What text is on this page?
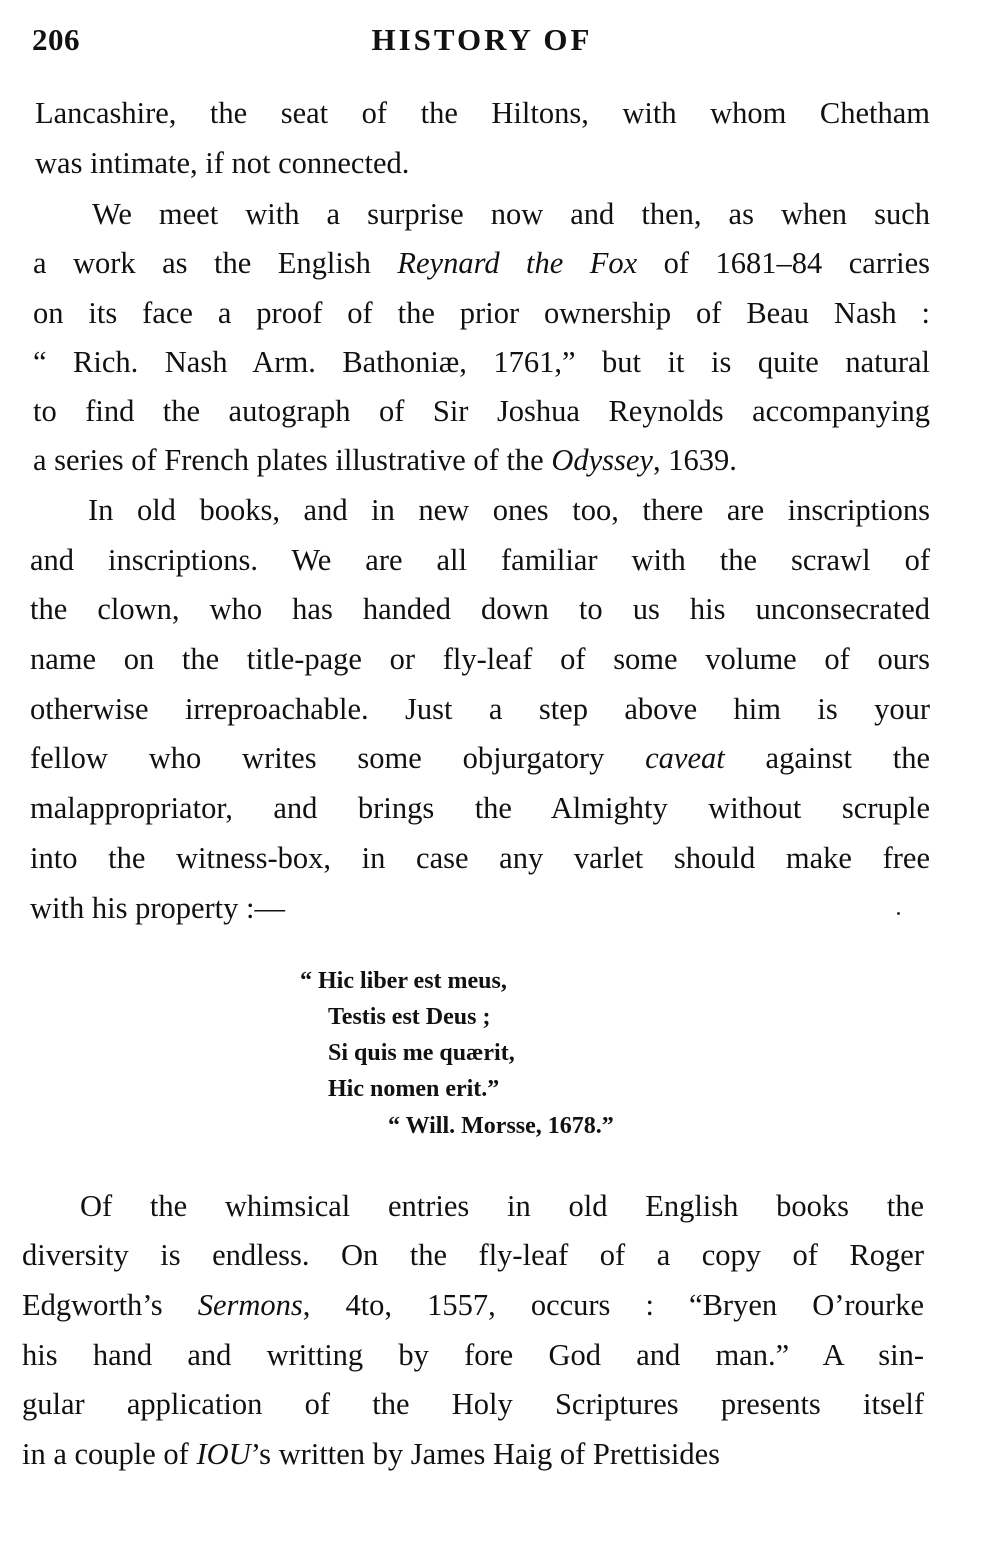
HISTORY OF
206
Lancashire, the seat of the Hiltons, with whom Chetham
was intimate, if not connected.
We meet with a surprise now and then, as when such
a work as the English Reynard the Fox of 1681–84 carries
on its face a proof of the prior ownership of Beau Nash :
“ Rich. Nash Arm. Bathoniæ, 1761,” but it is quite natural
to find the autograph of Sir Joshua Reynolds accompanying
a series of French plates illustrative of the Odyssey, 1639.
In old books, and in new ones too, there are inscriptions
and inscriptions. We are all familiar with the scrawl of
the clown, who has handed down to us his unconsecrated
name on the title-page or fly-leaf of some volume of ours
otherwise irreproachable. Just a step above him is your
fellow who writes some objurgatory caveat against the
malappropriator, and brings the Almighty without scruple
into the witness-box, in case any varlet should make free
with his property :—
Of the whimsical entries in old English books the
diversity is endless. On the fly-leaf of a copy of Roger
Edgworth’s Sermons, 4to, 1557, occurs : “Bryen O’rourke
his hand and writting by fore God and man.” A sin-
gular application of the Holy Scriptures presents itself
in a couple of IOU’s written by James Haig of Prettisides
“ Hic liber est meus,
Testis est Deus ;
Si quis me quærit,
Hic nomen erit.”
“ Will. Morsse, 1678.”
